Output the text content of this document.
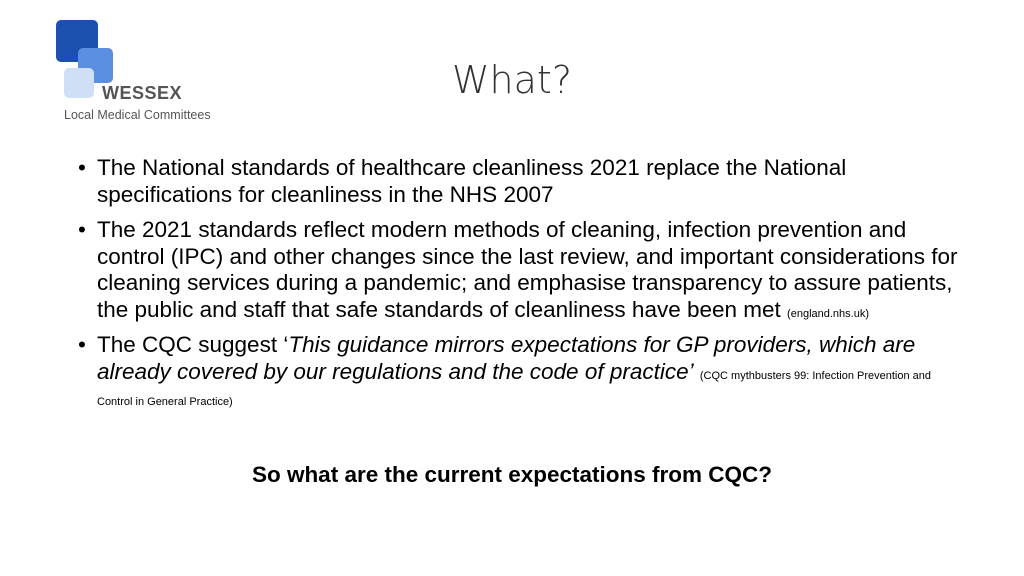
WESSEX
Local Medical Committees
What?
• The National standards of healthcare cleanliness 2021 replace the National specifications for cleanliness in the NHS 2007
• The 2021 standards reflect modern methods of cleaning, infection prevention and control (IPC) and other changes since the last review, and important considerations for cleaning services during a pandemic; and emphasise transparency to assure patients, the public and staff that safe standards of cleanliness have been met (england.nhs.uk)
• The CQC suggest ‘This guidance mirrors expectations for GP providers, which are already covered by our regulations and the code of practice’ (CQC mythbusters 99: Infection Prevention and Control in General Practice)
So what are the current expectations from CQC?
